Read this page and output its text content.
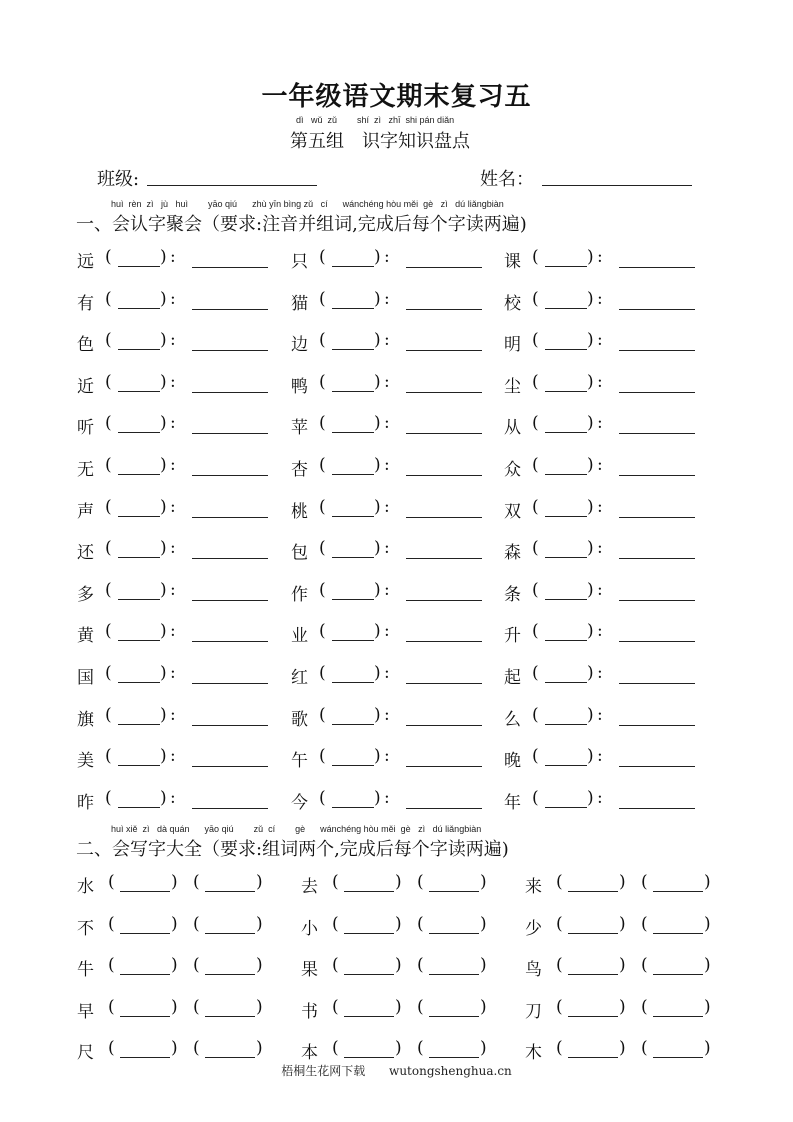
一年级语文期末复习五
dì   wǔ  zǔ        shí  zì   zhī  shi pán diǎn
第五组　识字知识盘点
班级:	姓名：
huì  rèn  zì   jù   huì        yāo qiú      zhù yīn bìng zǔ   cí      wánchéng hòu měi  gè   zì   dú liǎngbiàn
一、会认字聚会（要求:注音并组词,完成后每个字读两遍)
远 (	) :	只 (	) :	课 (	) :
有 (	) :	猫 (	) :	校 (	) :
色 (	) :	边 (	) :	明 (	) :
近 (	) :	鸭 (	) :	尘 (	) :
听 (	) :	苹 (	) :	从 (	) :
无 (	) :	杏 (	) :	众 (	) :
声 (	) :	桃 (	) :	双 (	) :
还 (	) :	包 (	) :	森 (	) :
多 (	) :	作 (	) :	条 (	) :
黄 (	) :	业 (	) :	升 (	) :
国 (	) :	红 (	) :	起 (	) :
旗 (	) :	歌 (	) :	么 (	) :
美 (	) :	午 (	) :	晚 (	) :
昨 (	) :	今 (	) :	年 (	) :
huì xiě  zì   dà quán      yāo qiú        zǔ  cí        gè      wánchéng hòu měi  gè   zì   dú liǎngbiàn
二、会写字大全（要求:组词两个,完成后每个字读两遍)
水 (	) (	) 去 (	) (	) 来 (	) (	)
不 (	) (	) 小 (	) (	) 少 (	) (	)
牛 (	) (	) 果 (	) (	) 鸟 (	) (	)
早 (	) (	) 书 (	) (	) 刀 (	) (	)
尺 (	) (	) 本 (	) (	) 木 (	) (	)
梧桐生花网下载 wutongshenghua.cn
